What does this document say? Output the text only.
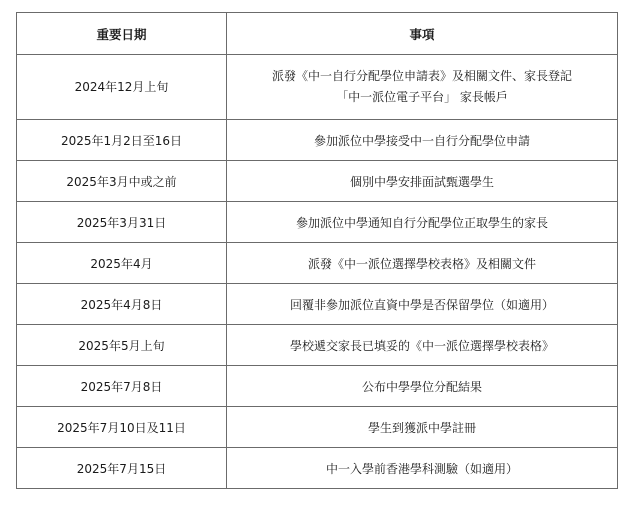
重要日期	事項
2024年12月上旬	派發《中一自行分配學位申請表》及相關文件、家長登記
「中一派位電子平台」 家長帳戶

2025年1月2日至16日	參加派位中學接受中一自行分配學位申請
2025年3月中或之前	個別中學安排面試甄選學生
2025年3月31日	參加派位中學通知自行分配學位正取學生的家長
2025年4月	派發《中一派位選擇學校表格》及相關文件
2025年4月8日	回覆非參加派位直資中學是否保留學位（如適用）
2025年5月上旬	學校遞交家長已填妥的《中一派位選擇學校表格》
2025年7月8日	公布中學學位分配結果
2025年7月10日及11日	學生到獲派中學註冊
2025年7月15日	中一入學前香港學科測驗（如適用）
